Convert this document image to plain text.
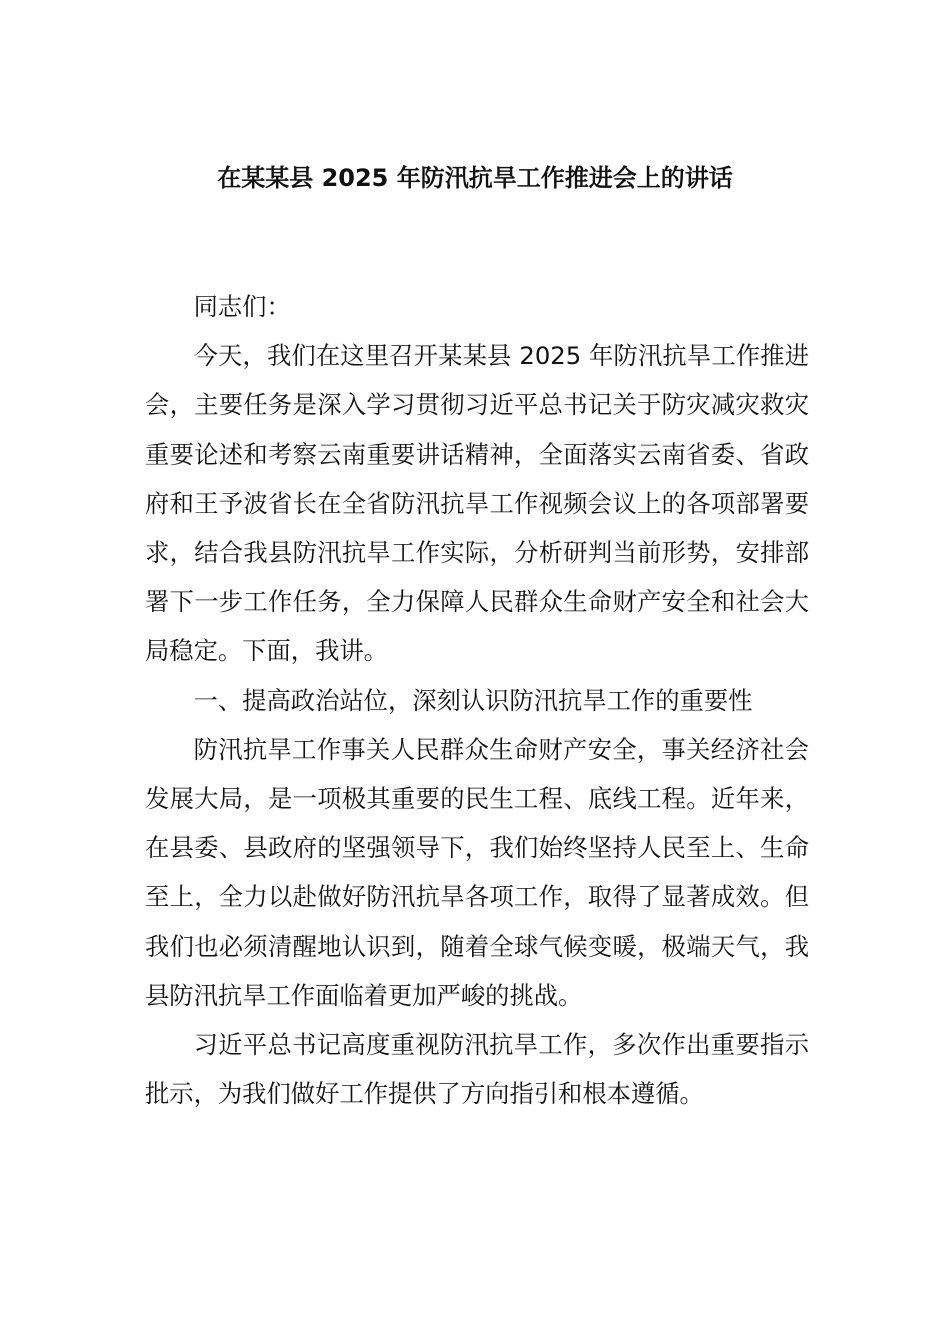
在某某县 2025 年防汛抗旱工作推进会上的讲话

同志们：

今天，我们在这里召开某某县 2025 年防汛抗旱工作推进会，主要任务是深入学习贯彻习近平总书记关于防灾减灾救灾重要论述和考察云南重要讲话精神，全面落实云南省委、省政府和王予波省长在全省防汛抗旱工作视频会议上的各项部署要求，结合我县防汛抗旱工作实际，分析研判当前形势，安排部署下一步工作任务，全力保障人民群众生命财产安全和社会大局稳定。下面，我讲。

一、提高政治站位，深刻认识防汛抗旱工作的重要性

防汛抗旱工作事关人民群众生命财产安全，事关经济社会发展大局，是一项极其重要的民生工程、底线工程。近年来，在县委、县政府的坚强领导下，我们始终坚持人民至上、生命至上，全力以赴做好防汛抗旱各项工作，取得了显著成效。但我们也必须清醒地认识到，随着全球气候变暖，极端天气，我县防汛抗旱工作面临着更加严峻的挑战。

习近平总书记高度重视防汛抗旱工作，多次作出重要指示批示，为我们做好工作提供了方向指引和根本遵循。
